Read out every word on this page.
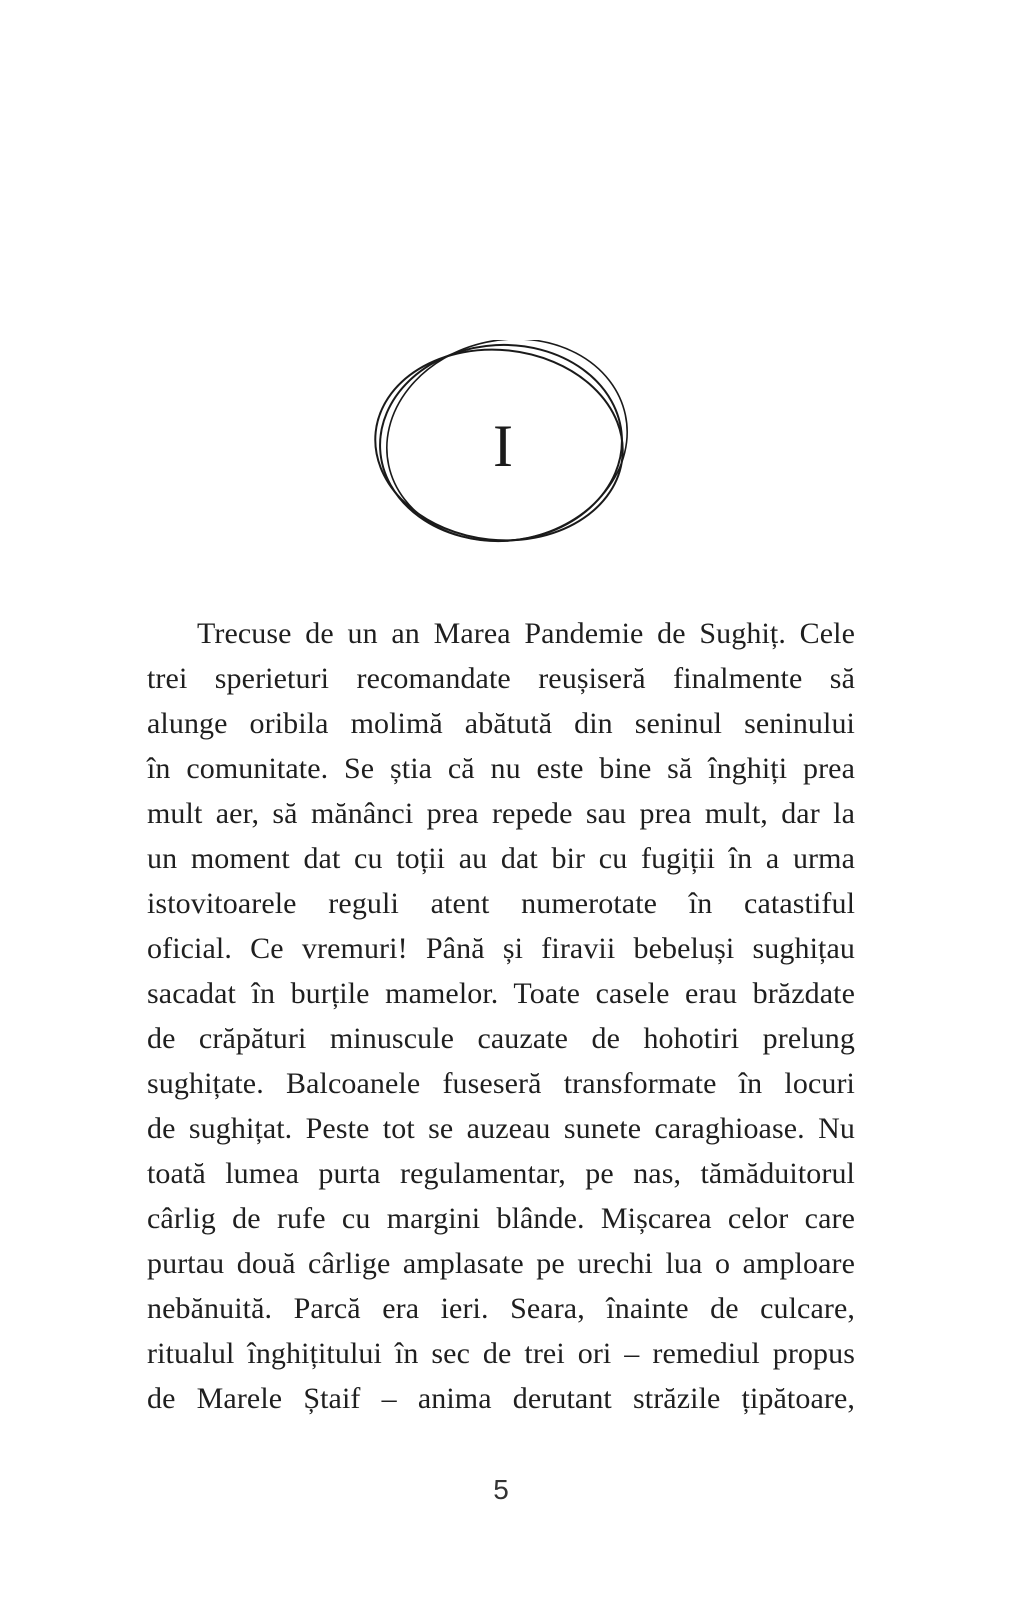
I
Trecuse de un an Marea Pandemie de Sughiț. Cele
trei sperieturi recomandate reușiseră finalmente să
alunge oribila molimă abătută din seninul seninului
în comunitate. Se știa că nu este bine să înghiți prea
mult aer, să mănânci prea repede sau prea mult, dar la
un moment dat cu toții au dat bir cu fugiții în a urma
istovitoarele reguli atent numerotate în catastiful
oficial. Ce vremuri! Până și firavii bebeluși sughițau
sacadat în burțile mamelor. Toate casele erau brăzdate
de crăpături minuscule cauzate de hohotiri prelung
sughițate. Balcoanele fuseseră transformate în locuri
de sughițat. Peste tot se auzeau sunete caraghioase. Nu
toată lumea purta regulamentar, pe nas, tămăduitorul
cârlig de rufe cu margini blânde. Mișcarea celor care
purtau două cârlige amplasate pe urechi lua o amploare
nebănuită. Parcă era ieri. Seara, înainte de culcare,
ritualul înghițitului în sec de trei ori – remediul propus
de Marele Ștaif – anima derutant străzile țipătoare,
5
